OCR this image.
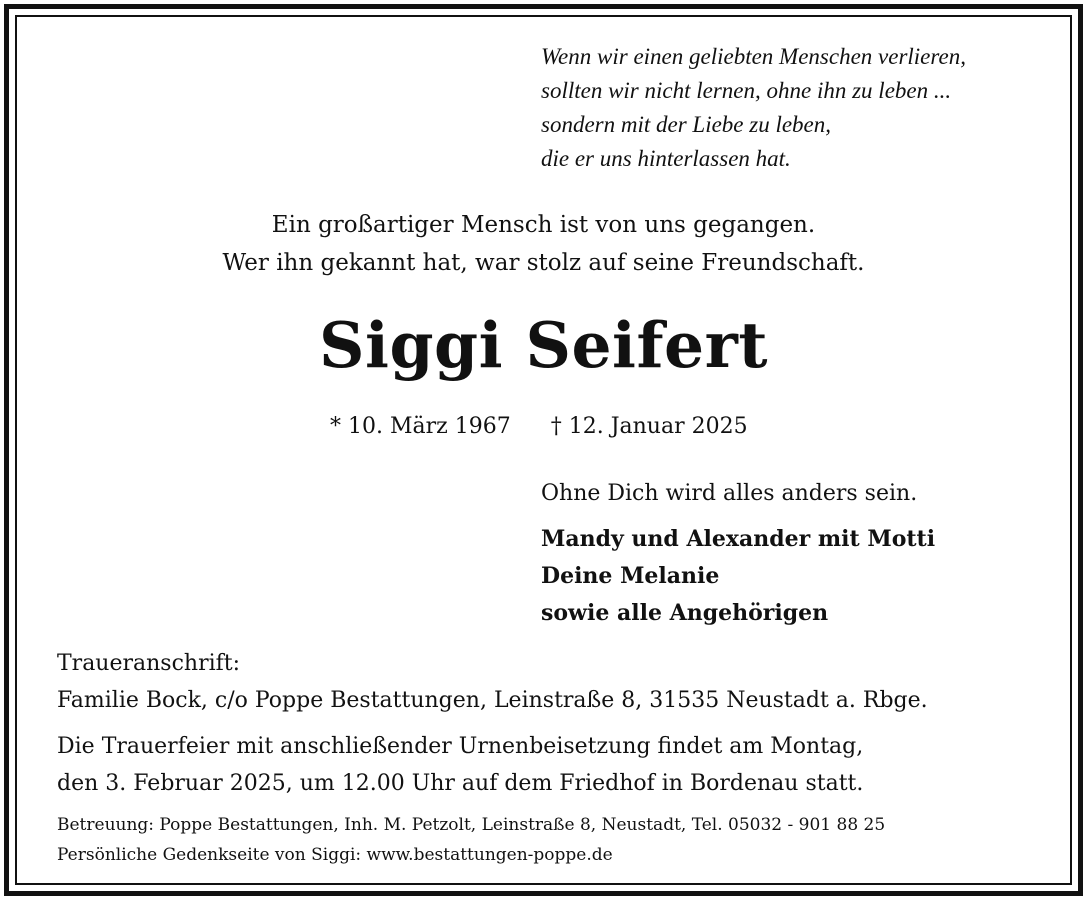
Wenn wir einen geliebten Menschen verlieren,
sollten wir nicht lernen, ohne ihn zu leben ...
sondern mit der Liebe zu leben,
die er uns hinterlassen hat.
Ein großartiger Mensch ist von uns gegangen.
Wer ihn gekannt hat, war stolz auf seine Freundschaft.
Siggi Seifert
* 10. März 1967 † 12. Januar 2025
Ohne Dich wird alles anders sein.
Mandy und Alexander mit Motti
Deine Melanie
sowie alle Angehörigen
Traueranschrift:
Familie Bock, c/o Poppe Bestattungen, Leinstraße 8, 31535 Neustadt a. Rbge.
Die Trauerfeier mit anschließender Urnenbeisetzung findet am Montag,
den 3. Februar 2025, um 12.00 Uhr auf dem Friedhof in Bordenau statt.
Betreuung: Poppe Bestattungen, Inh. M. Petzolt, Leinstraße 8, Neustadt, Tel. 05032 - 901 88 25
Persönliche Gedenkseite von Siggi: www.bestattungen-poppe.de
